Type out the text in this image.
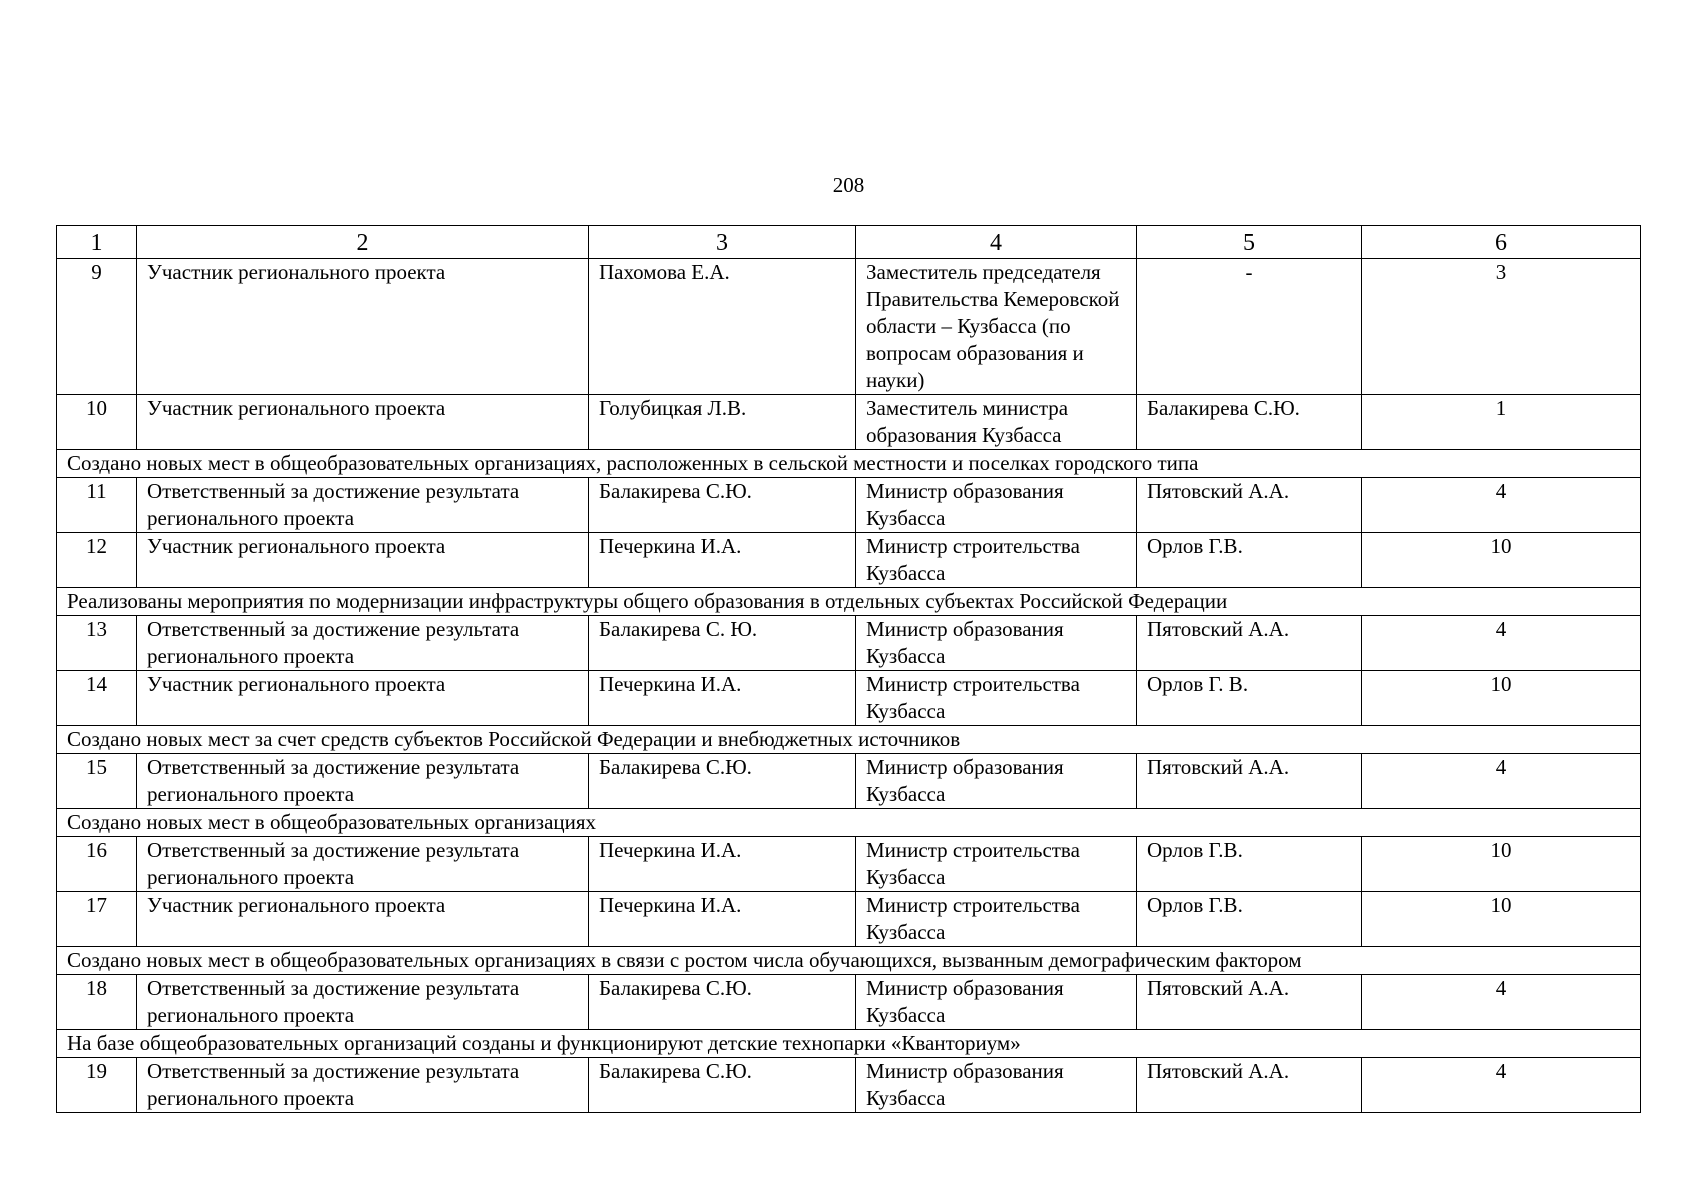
208
1	2	3	4	5	6
9	Участник регионального проекта	Пахомова Е.А.	Заместитель председателя Правительства Кемеровской области – Кузбасса (по вопросам образования и науки)	-	3
10	Участник регионального проекта	Голубицкая Л.В.	Заместитель министра образования Кузбасса	Балакирева С.Ю.	1
Создано новых мест в общеобразовательных организациях, расположенных в сельской местности и поселках городского типа					
11	Ответственный за достижение результата регионального проекта	Балакирева С.Ю.	Министр образования Кузбасса	Пятовский А.А.	4
12	Участник регионального проекта	Печеркина И.А.	Министр строительства Кузбасса	Орлов Г.В.	10
Реализованы мероприятия по модернизации инфраструктуры общего образования в отдельных субъектах Российской Федерации					
13	Ответственный за достижение результата регионального проекта	Балакирева С. Ю.	Министр образования Кузбасса	Пятовский А.А.	4
14	Участник регионального проекта	Печеркина И.А.	Министр строительства Кузбасса	Орлов Г. В.	10
Создано новых мест за счет средств субъектов Российской Федерации и внебюджетных источников					
15	Ответственный за достижение результата регионального проекта	Балакирева С.Ю.	Министр образования Кузбасса	Пятовский А.А.	4
Создано новых мест в общеобразовательных организациях					
16	Ответственный за достижение результата регионального проекта	Печеркина И.А.	Министр строительства Кузбасса	Орлов Г.В.	10
17	Участник регионального проекта	Печеркина И.А.	Министр строительства Кузбасса	Орлов Г.В.	10
Создано новых мест в общеобразовательных организациях в связи с ростом числа обучающихся, вызванным демографическим фактором					
18	Ответственный за достижение результата регионального проекта	Балакирева С.Ю.	Министр образования Кузбасса	Пятовский А.А.	4
На базе общеобразовательных организаций созданы и функционируют детские технопарки «Кванториум»					
19	Ответственный за достижение результата регионального проекта	Балакирева С.Ю.	Министр образования Кузбасса	Пятовский А.А.	4
